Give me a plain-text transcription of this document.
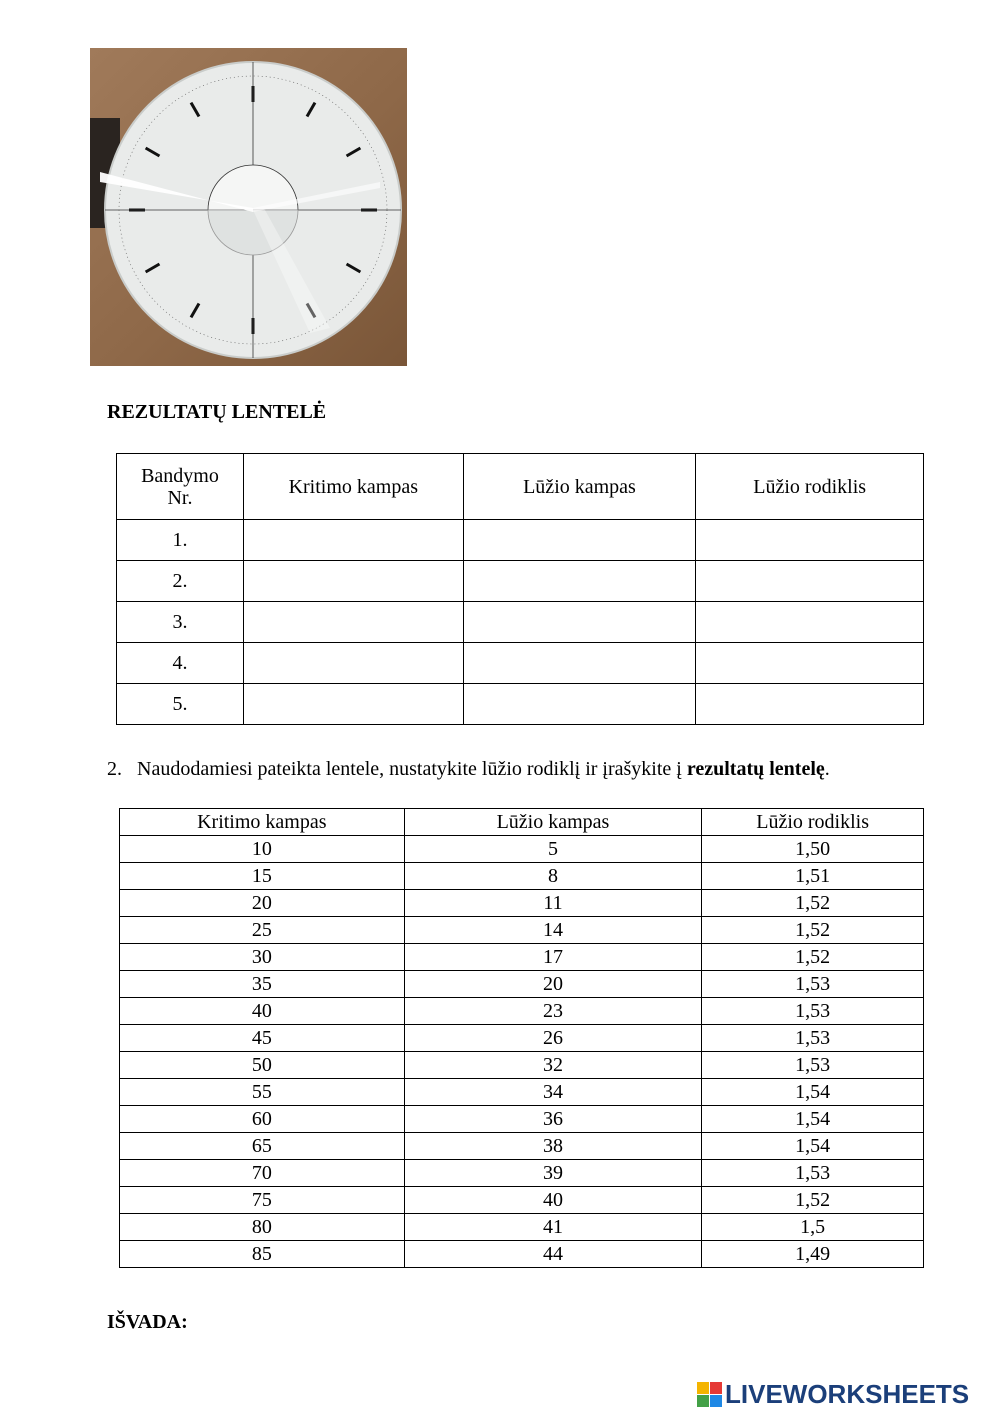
REZULTATŲ LENTELĖ
Bandymo Nr.	Kritimo kampas	Lūžio kampas	Lūžio rodiklis
1.			
2.			
3.			
4.			
5.			
2. Naudodamiesi pateikta lentele, nustatykite lūžio rodiklį ir įrašykite į rezultatų lentelę.
Kritimo kampas	Lūžio kampas	Lūžio rodiklis
10	5	1,50
15	8	1,51
20	11	1,52
25	14	1,52
30	17	1,52
35	20	1,53
40	23	1,53
45	26	1,53
50	32	1,53
55	34	1,54
60	36	1,54
65	38	1,54
70	39	1,53
75	40	1,52
80	41	1,5
85	44	1,49
IŠVADA:
LIVEWORKSHEETS
